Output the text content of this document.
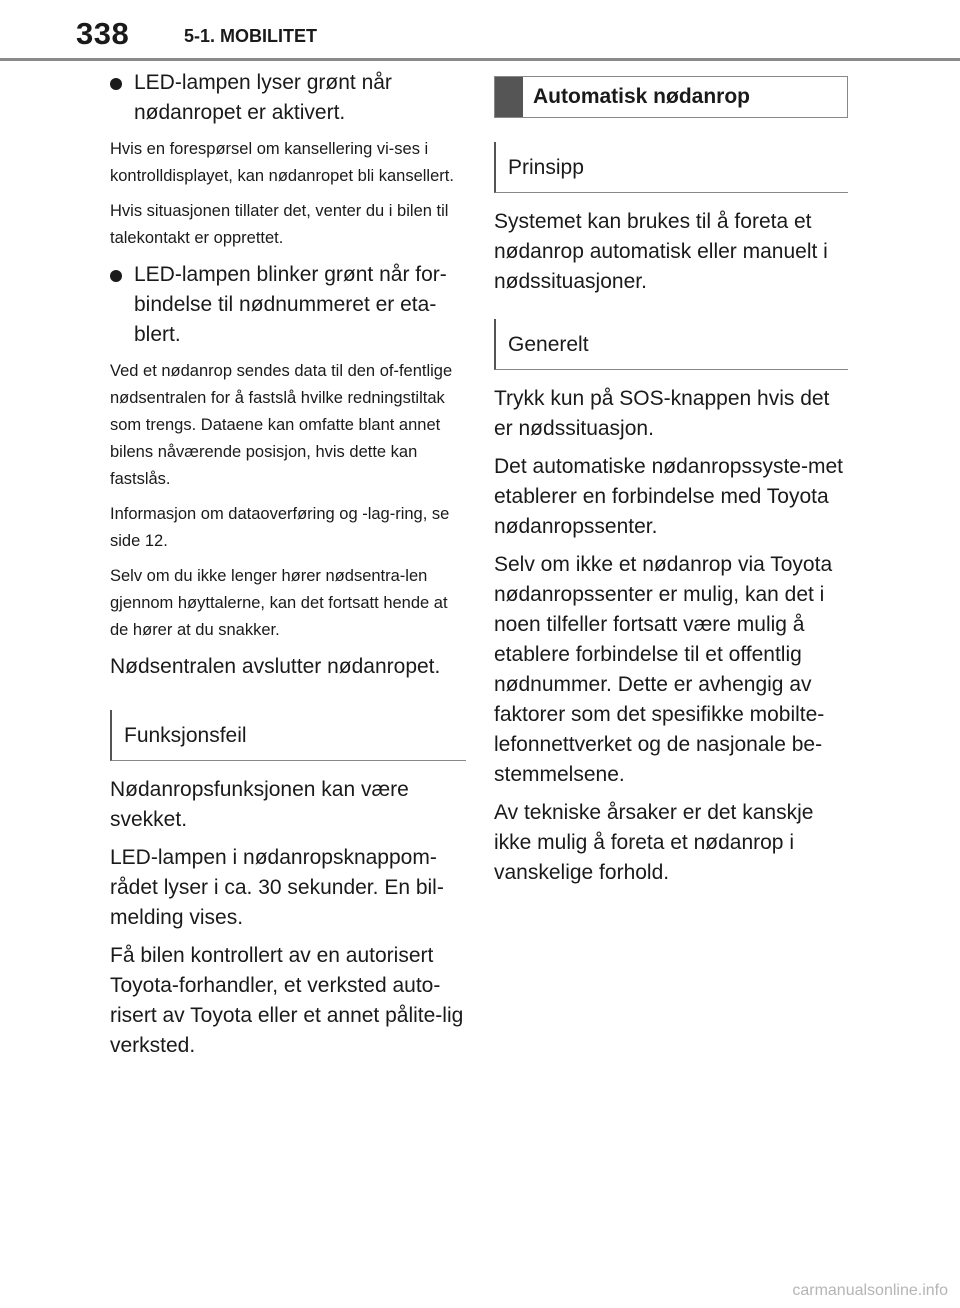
338	5-1. MOBILITET
LED-lampen lyser grønt når nødanropet er aktivert.

Hvis en forespørsel om kansellering vi-ses i kontrolldisplayet, kan nødanropet bli kansellert.

Hvis situasjonen tillater det, venter du i bilen til talekontakt er opprettet.

LED-lampen blinker grønt når for-bindelse til nødnummeret er eta-blert.

Ved et nødanrop sendes data til den of-fentlige nødsentralen for å fastslå hvilke redningstiltak som trengs. Dataene kan omfatte blant annet bilens nåværende posisjon, hvis dette kan fastslås.

Informasjon om dataoverføring og -lag-ring, se side 12.

Selv om du ikke lenger hører nødsentra-len gjennom høyttalerne, kan det fortsatt hende at de hører at du snakker.

Nødsentralen avslutter nødanropet.

Funksjonsfeil

Nødanropsfunksjonen kan være svekket.

LED-lampen i nødanropsknappom-rådet lyser i ca. 30 sekunder. En bil-melding vises.

Få bilen kontrollert av en autorisert Toyota-forhandler, et verksted auto-risert av Toyota eller et annet pålite-lig verksted.

Automatisk nødanrop
Prinsipp

Systemet kan brukes til å foreta et nødanrop automatisk eller manuelt i nødssituasjoner.

Generelt

Trykk kun på SOS-knappen hvis det er nødssituasjon.

Det automatiske nødanropssyste-met etablerer en forbindelse med Toyota nødanropssenter.

Selv om ikke et nødanrop via Toyota nødanropssenter er mulig, kan det i noen tilfeller fortsatt være mulig å etablere forbindelse til et offentlig nødnummer. Dette er avhengig av faktorer som det spesifikke mobilte-lefonnettverket og de nasjonale be-stemmelsene.

Av tekniske årsaker er det kanskje ikke mulig å foreta et nødanrop i vanskelige forhold.

carmanualsonline.info
